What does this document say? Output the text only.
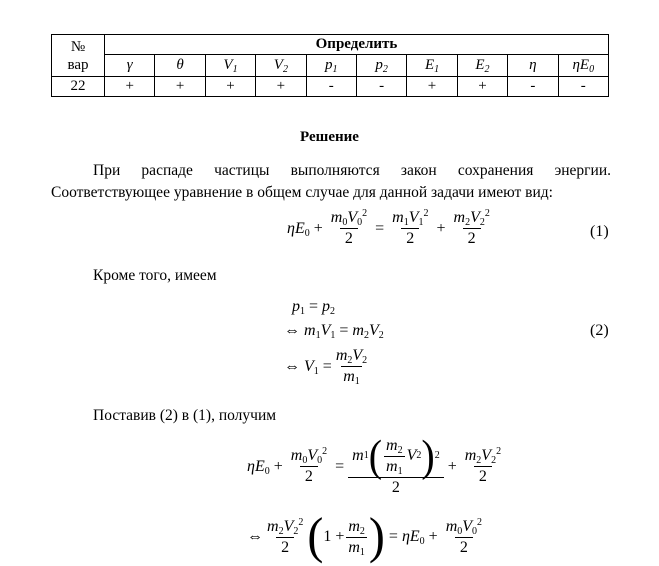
№
вар	Определить									
	γ	θ	$V_1$	$V_2$	$p_1$	$p_2$	$E_1$	$E_2$	η	$\eta E_0$
22	+	+	+	+	-	-	+	+	-	-
Решение

При распаде частицы выполняются закон сохранения энергии.

Соответствующее уравнение в общем случае для данной задачи имеют вид:

$\eta E_0 + \frac{m_0V_0^2}{2} = \frac{m_1V_1^2}{2} + \frac{m_2V_2^2}{2}$	(1)
Кроме того, имеем
$p_1 = p_2$
⇔ $m_1V_1 = m_2V_2$
⇔ $V_1 = \frac{m_2V_2}{m_1}$
(2)
Поставив (2) в (1), получим
$\eta E_0 + \frac{m_0V_0^2}{2} = \frac{m 1 ( \frac{m_2}{m_1} V 2 ) 2}{2} + \frac{m_2V_2^2}{2}$
⇔ $\frac{m_2V_2^2}{2}$ ( $1 + \frac{m_2}{m_1}$ ) = $\eta E_0 + \frac{m_0V_0^2}{2}$
